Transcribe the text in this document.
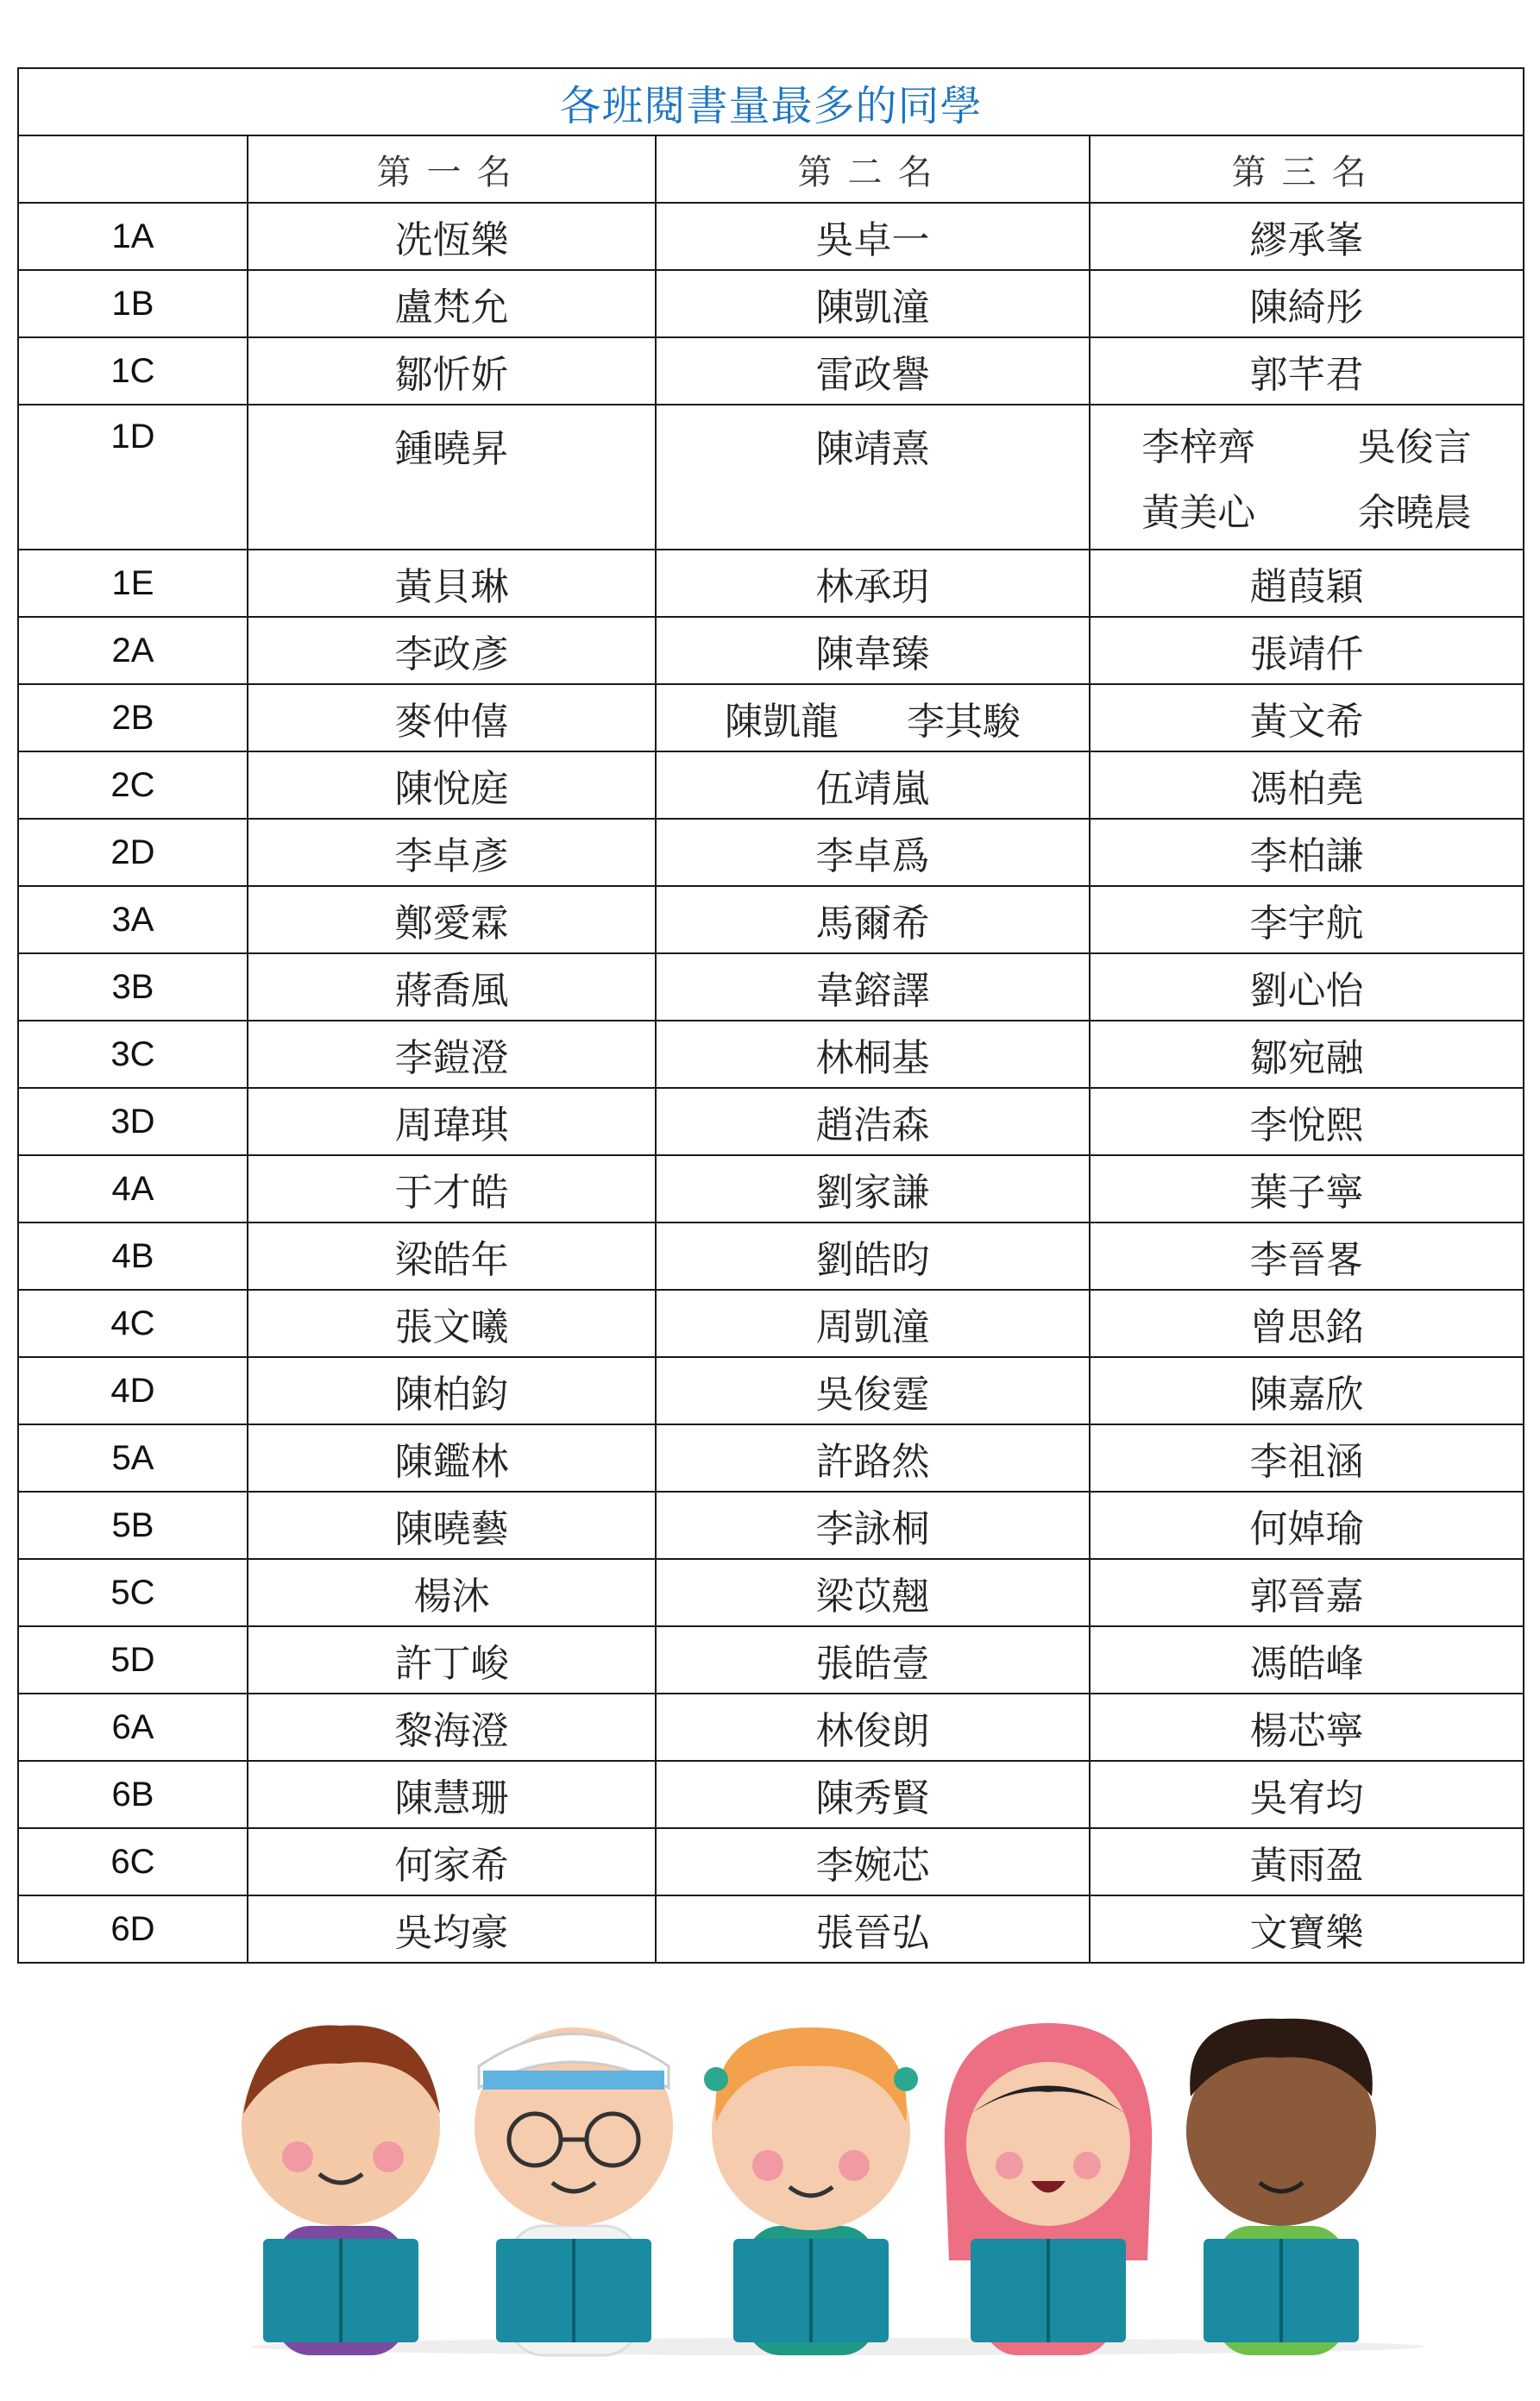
各班閱書量最多的同學			
	第一名	第二名	第三名
1A	冼恆樂	吳卓一	繆承峯
1B	盧梵允	陳凱潼	陳綺彤
1C	鄒忻妡	雷政譽	郭芊君
1D	鍾曉昇	陳靖熹	李梓齊 吳俊言
黃美心 余曉晨

1E	黃貝琳	林承玥	趙葭穎
2A	李政彥	陳韋臻	張靖仟
2B	麥仲僖	陳凱龍 李其駿	黃文希
2C	陳悅庭	伍靖嵐	馮柏堯
2D	李卓彥	李卓爲	李柏謙
3A	鄭愛霖	馬爾希	李宇航
3B	蔣喬風	韋鎔譯	劉心怡
3C	李鎧澄	林桐基	鄒宛融
3D	周瑋琪	趙浩森	李悅熙
4A	于才皓	劉家謙	葉子寧
4B	梁皓年	劉皓昀	李晉畧
4C	張文曦	周凱潼	曾思銘
4D	陳柏鈞	吳俊霆	陳嘉欣
5A	陳鑑林	許路然	李祖涵
5B	陳曉藝	李詠桐	何婥瑜
5C	楊沐	梁苡翹	郭晉嘉
5D	許丁峻	張皓壹	馮皓峰
6A	黎海澄	林俊朗	楊芯寧
6B	陳慧珊	陳秀賢	吳宥均
6C	何家希	李婉芯	黃雨盈
6D	吳均豪	張晉弘	文寶樂
